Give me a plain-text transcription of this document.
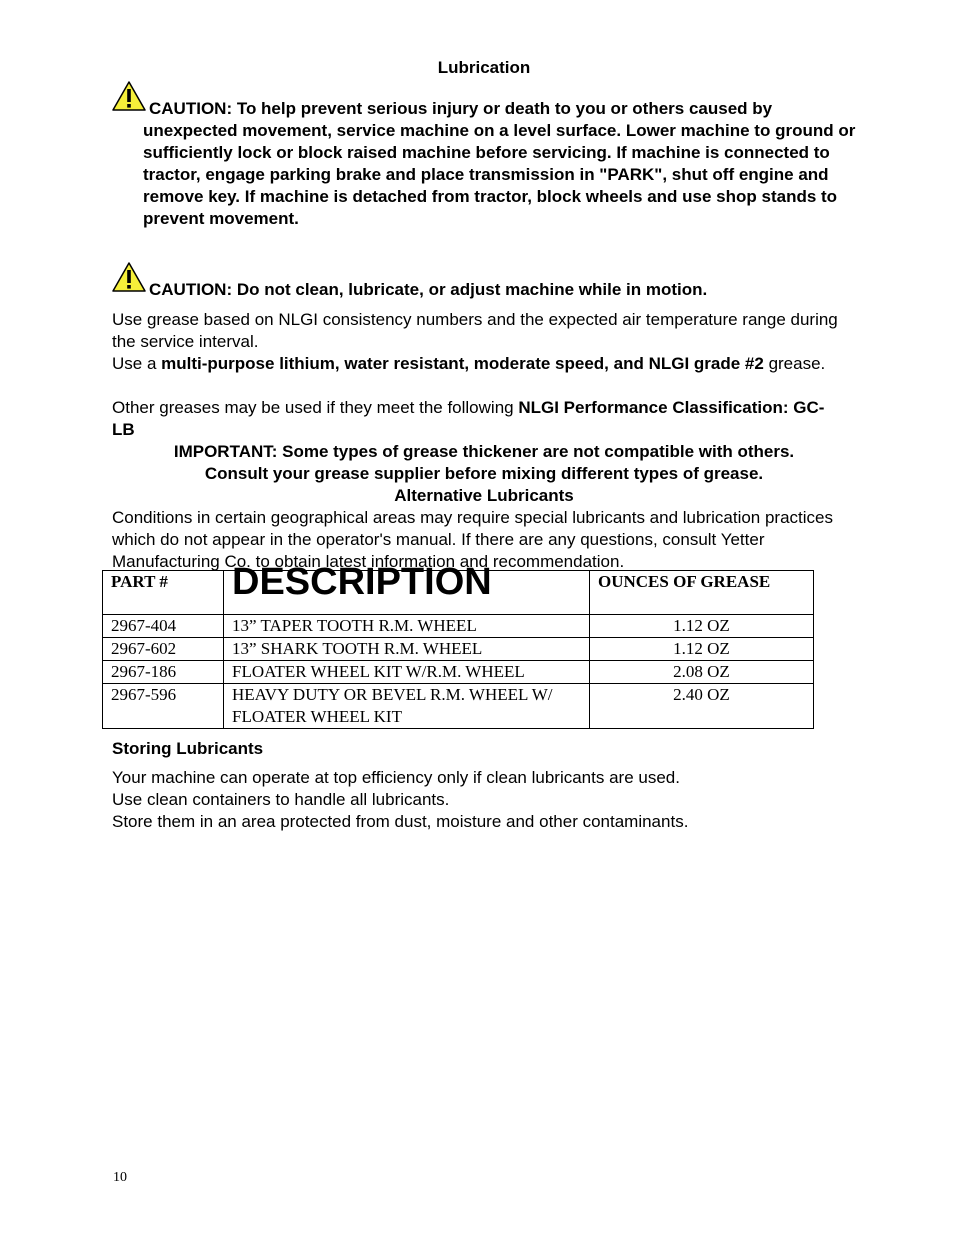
Lubrication
CAUTION: To help prevent serious injury or death to you or others caused by unexpected movement, service machine on a level surface. Lower machine to ground or sufficiently lock or block raised machine before servicing. If machine is connected to tractor, engage parking brake and place transmission in "PARK", shut off engine and remove key. If machine is detached from tractor, block wheels and use shop stands to prevent movement.
CAUTION: Do not clean, lubricate, or adjust machine while in motion.
Use grease based on NLGI consistency numbers and the expected air temperature range during the service interval.
Use a multi-purpose lithium, water resistant, moderate speed, and NLGI grade #2 grease.
Other greases may be used if they meet the following NLGI Performance Classification: GC-LB
IMPORTANT: Some types of grease thickener are not compatible with others.
Consult your grease supplier before mixing different types of grease.
Alternative Lubricants
Conditions in certain geographical areas may require special lubricants and lubrication practices which do not appear in the operator's manual. If there are any questions, consult Yetter Manufacturing Co. to obtain latest information and recommendation.
PART #	DESCRIPTION	OUNCES OF GREASE
2967-404	13” TAPER TOOTH R.M. WHEEL	1.12 OZ
2967-602	13” SHARK TOOTH R.M. WHEEL	1.12 OZ
2967-186	FLOATER WHEEL KIT W/R.M. WHEEL	2.08 OZ
2967-596	HEAVY DUTY OR BEVEL R.M. WHEEL W/ FLOATER WHEEL KIT	2.40 OZ
Storing Lubricants
Your machine can operate at top efficiency only if clean lubricants are used.
Use clean containers to handle all lubricants.
Store them in an area protected from dust, moisture and other contaminants.
10
